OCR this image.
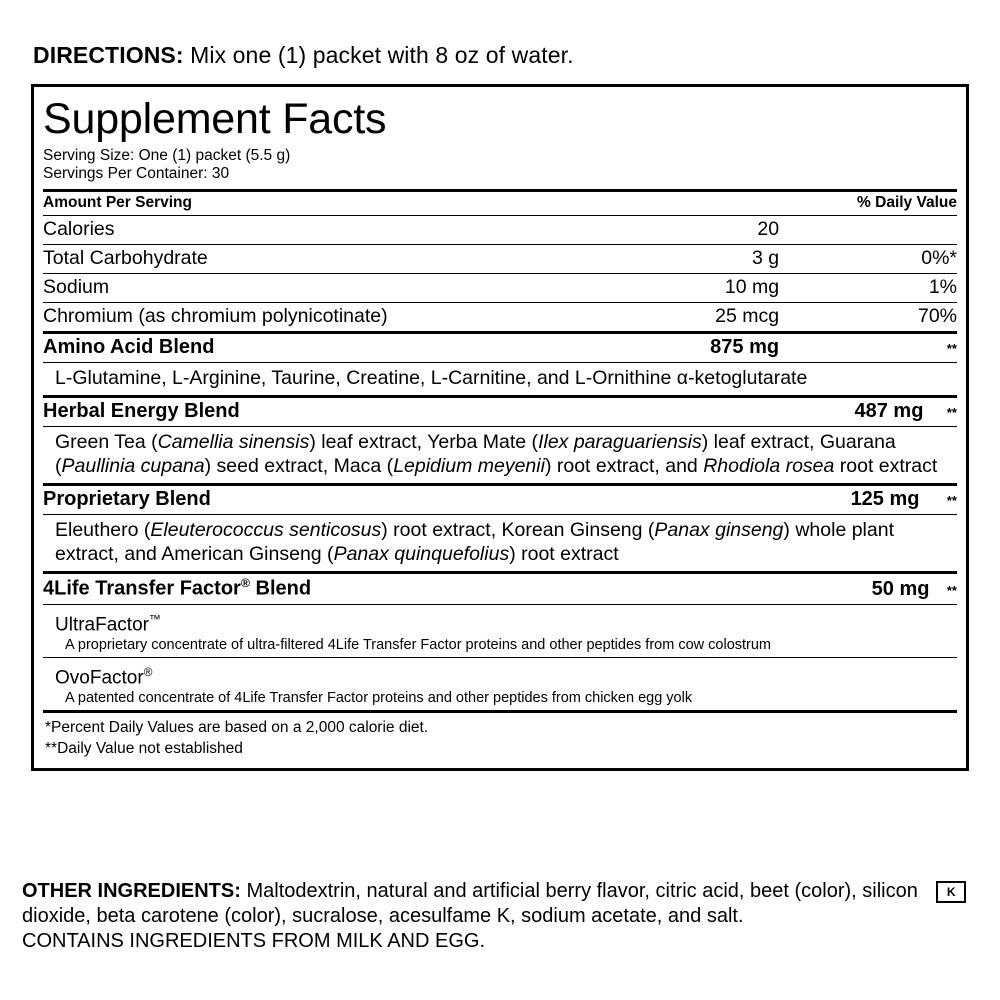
DIRECTIONS: Mix one (1) packet with 8 oz of water.
Supplement Facts
Serving Size: One (1) packet (5.5 g)
Servings Per Container: 30
Amount Per Serving		% Daily Value
Calories	20	
Total Carbohydrate	3 g	0%*
Sodium	10 mg	1%
Chromium (as chromium polynicotinate)	25 mcg	70%
Amino Acid Blend	875 mg	**
L-Glutamine, L-Arginine, Taurine, Creatine, L-Carnitine, and L-Ornithine α-ketoglutarate
Herbal Energy Blend	487 mg	**
Green Tea (Camellia sinensis) leaf extract, Yerba Mate (Ilex paraguariensis) leaf extract, Guarana (Paullinia cupana) seed extract, Maca (Lepidium meyenii) root extract, and Rhodiola rosea root extract
Proprietary Blend	125 mg	**
Eleuthero (Eleuterococcus senticosus) root extract, Korean Ginseng (Panax ginseng) whole plant extract, and American Ginseng (Panax quinquefolius) root extract
4Life Transfer Factor® Blend	50 mg	**
UltraFactor™
A proprietary concentrate of ultra-filtered 4Life Transfer Factor proteins and other peptides from cow colostrum
OvoFactor®
A patented concentrate of 4Life Transfer Factor proteins and other peptides from chicken egg yolk
*Percent Daily Values are based on a 2,000 calorie diet.
**Daily Value not established
OTHER INGREDIENTS: Maltodextrin, natural and artificial berry flavor, citric acid, beet (color), silicon dioxide, beta carotene (color), sucralose, acesulfame K, sodium acetate, and salt.
CONTAINS INGREDIENTS FROM MILK AND EGG.
K
